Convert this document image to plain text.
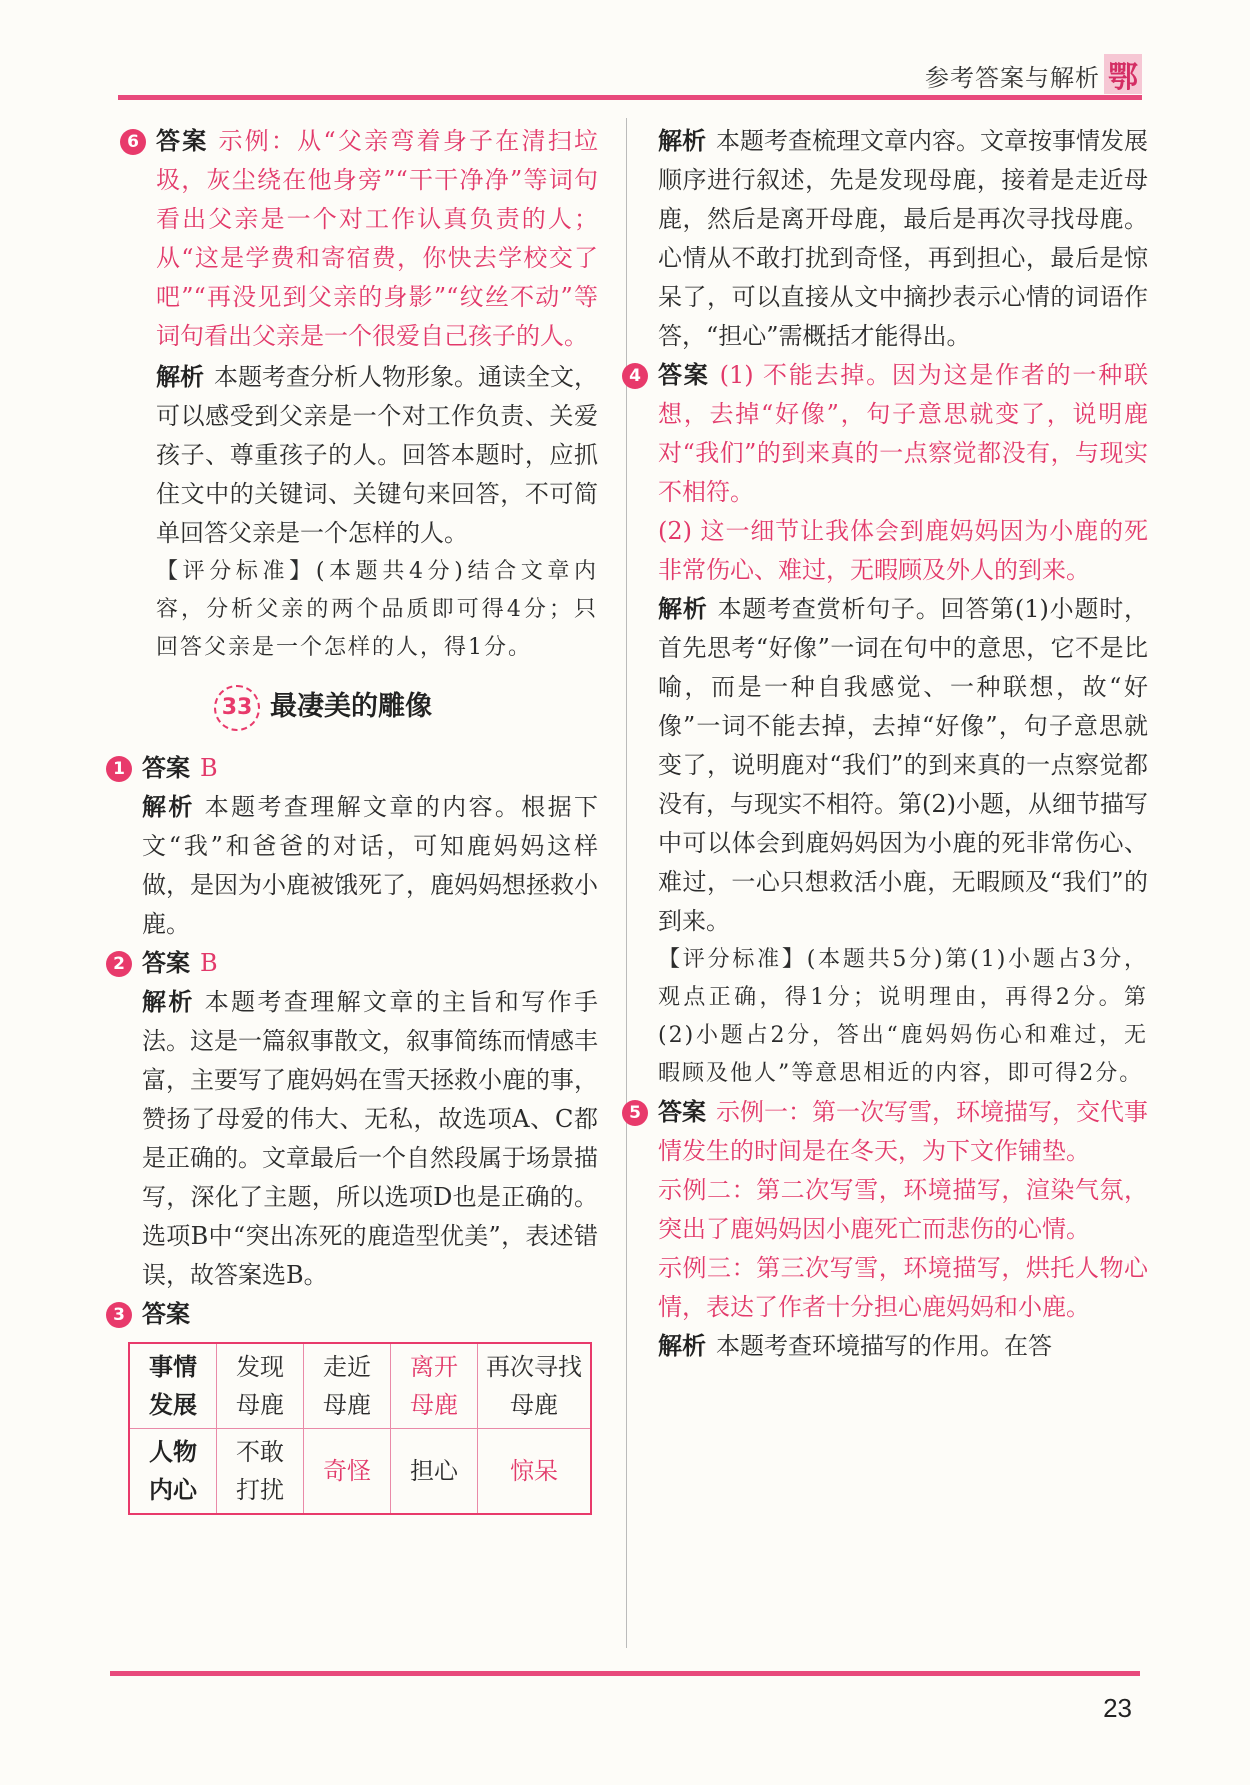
参考答案与解析 鄂
6 答案 示例：从“父亲弯着身子在清扫垃圾，灰尘绕在他身旁”“干干净净”等词句看出父亲是一个对工作认真负责的人；从“这是学费和寄宿费，你快去学校交了吧”“再没见到父亲的身影”“纹丝不动”等词句看出父亲是一个很爱自己孩子的人。

解析 本题考查分析人物形象。通读全文，可以感受到父亲是一个对工作负责、关爱孩子、尊重孩子的人。回答本题时，应抓住文中的关键词、关键句来回答，不可简单回答父亲是一个怎样的人。

【评分标准】(本题共4分)结合文章内容，分析父亲的两个品质即可得4分；只回答父亲是一个怎样的人，得1分。

33 最凄美的雕像
1 答案 B

解析 本题考查理解文章的内容。根据下文“我”和爸爸的对话，可知鹿妈妈这样做，是因为小鹿被饿死了，鹿妈妈想拯救小鹿。

2 答案 B

解析 本题考查理解文章的主旨和写作手法。这是一篇叙事散文，叙事简练而情感丰富，主要写了鹿妈妈在雪天拯救小鹿的事，赞扬了母爱的伟大、无私，故选项A、C都是正确的。文章最后一个自然段属于场景描写，深化了主题，所以选项D也是正确的。选项B中“突出冻死的鹿造型优美”，表述错误，故答案选B。

3 答案

事情发展	发现母鹿	走近母鹿	离开母鹿	再次寻找母鹿
人物内心	不敢打扰	奇怪	担心	惊呆

解析 本题考查梳理文章内容。文章按事情发展顺序进行叙述，先是发现母鹿，接着是走近母鹿，然后是离开母鹿，最后是再次寻找母鹿。心情从不敢打扰到奇怪，再到担心，最后是惊呆了，可以直接从文中摘抄表示心情的词语作答，“担心”需概括才能得出。

4 答案 (1) 不能去掉。因为这是作者的一种联想，去掉“好像”，句子意思就变了，说明鹿对“我们”的到来真的一点察觉都没有，与现实不相符。

(2) 这一细节让我体会到鹿妈妈因为小鹿的死非常伤心、难过，无暇顾及外人的到来。

解析 本题考查赏析句子。回答第(1)小题时，首先思考“好像”一词在句中的意思，它不是比喻，而是一种自我感觉、一种联想，故“好像”一词不能去掉，去掉“好像”，句子意思就变了，说明鹿对“我们”的到来真的一点察觉都没有，与现实不相符。第(2)小题，从细节描写中可以体会到鹿妈妈因为小鹿的死非常伤心、难过，一心只想救活小鹿，无暇顾及“我们”的到来。

【评分标准】(本题共5分)第(1)小题占3分，观点正确，得1分；说明理由，再得2分。第(2)小题占2分，答出“鹿妈妈伤心和难过，无暇顾及他人”等意思相近的内容，即可得2分。

5 答案 示例一：第一次写雪，环境描写，交代事情发生的时间是在冬天，为下文作铺垫。

示例二：第二次写雪，环境描写，渲染气氛，突出了鹿妈妈因小鹿死亡而悲伤的心情。

示例三：第三次写雪，环境描写，烘托人物心情，表达了作者十分担心鹿妈妈和小鹿。

解析 本题考查环境描写的作用。在答

23
